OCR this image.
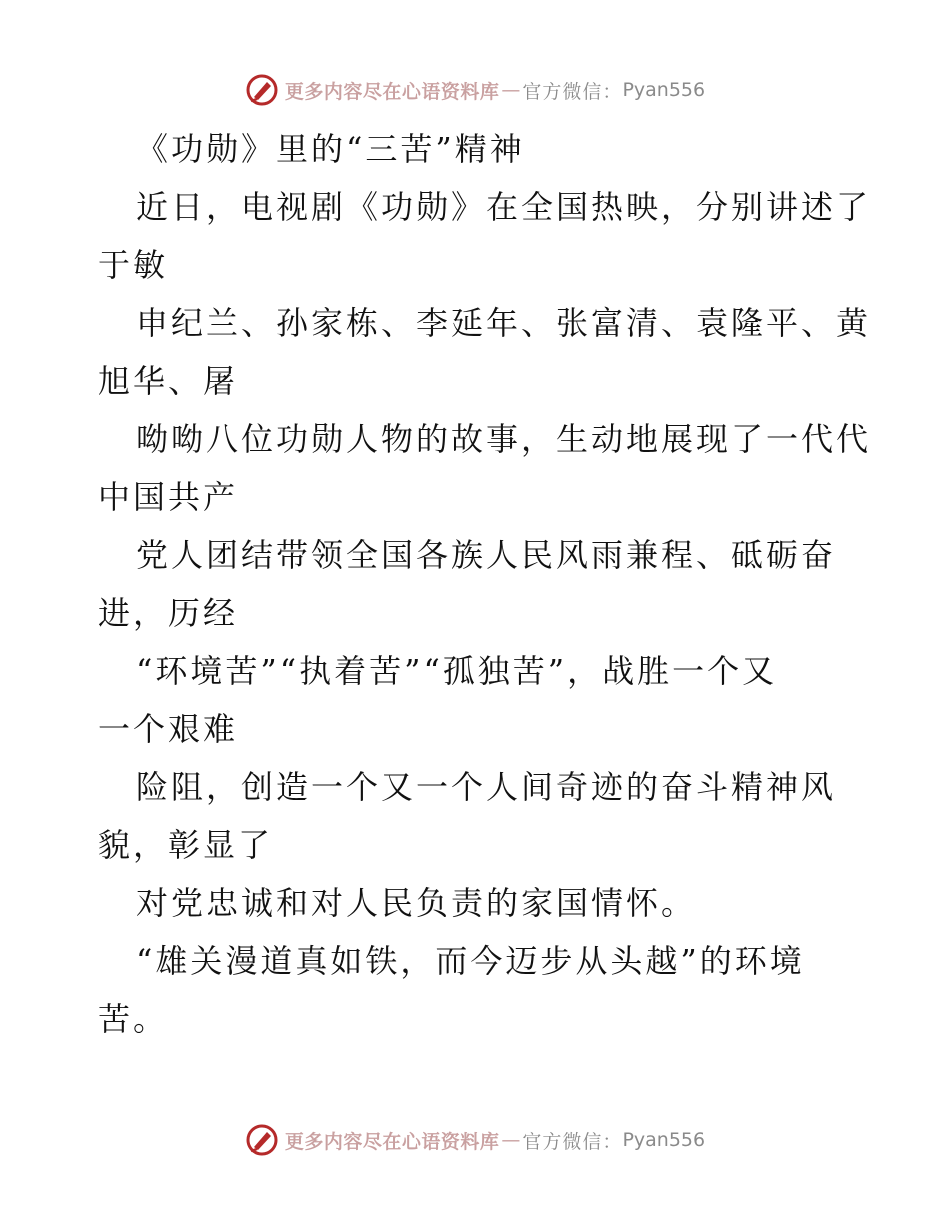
更多内容尽在心语资料库 — 官方微信： Pyan556
《功勋》里的“三苦”精神
近日，电视剧《功勋》在全国热映，分别讲述了
于敏
申纪兰、孙家栋、李延年、张富清、袁隆平、黄
旭华、屠
呦呦八位功勋人物的故事，生动地展现了一代代
中国共产
党人团结带领全国各族人民风雨兼程、砥砺奋
进，历经
“环境苦”“执着苦”“孤独苦”，战胜一个又
一个艰难
险阻，创造一个又一个人间奇迹的奋斗精神风
貌，彰显了
对党忠诚和对人民负责的家国情怀。
“雄关漫道真如铁，而今迈步从头越”的环境
苦。
更多内容尽在心语资料库 — 官方微信： Pyan556
